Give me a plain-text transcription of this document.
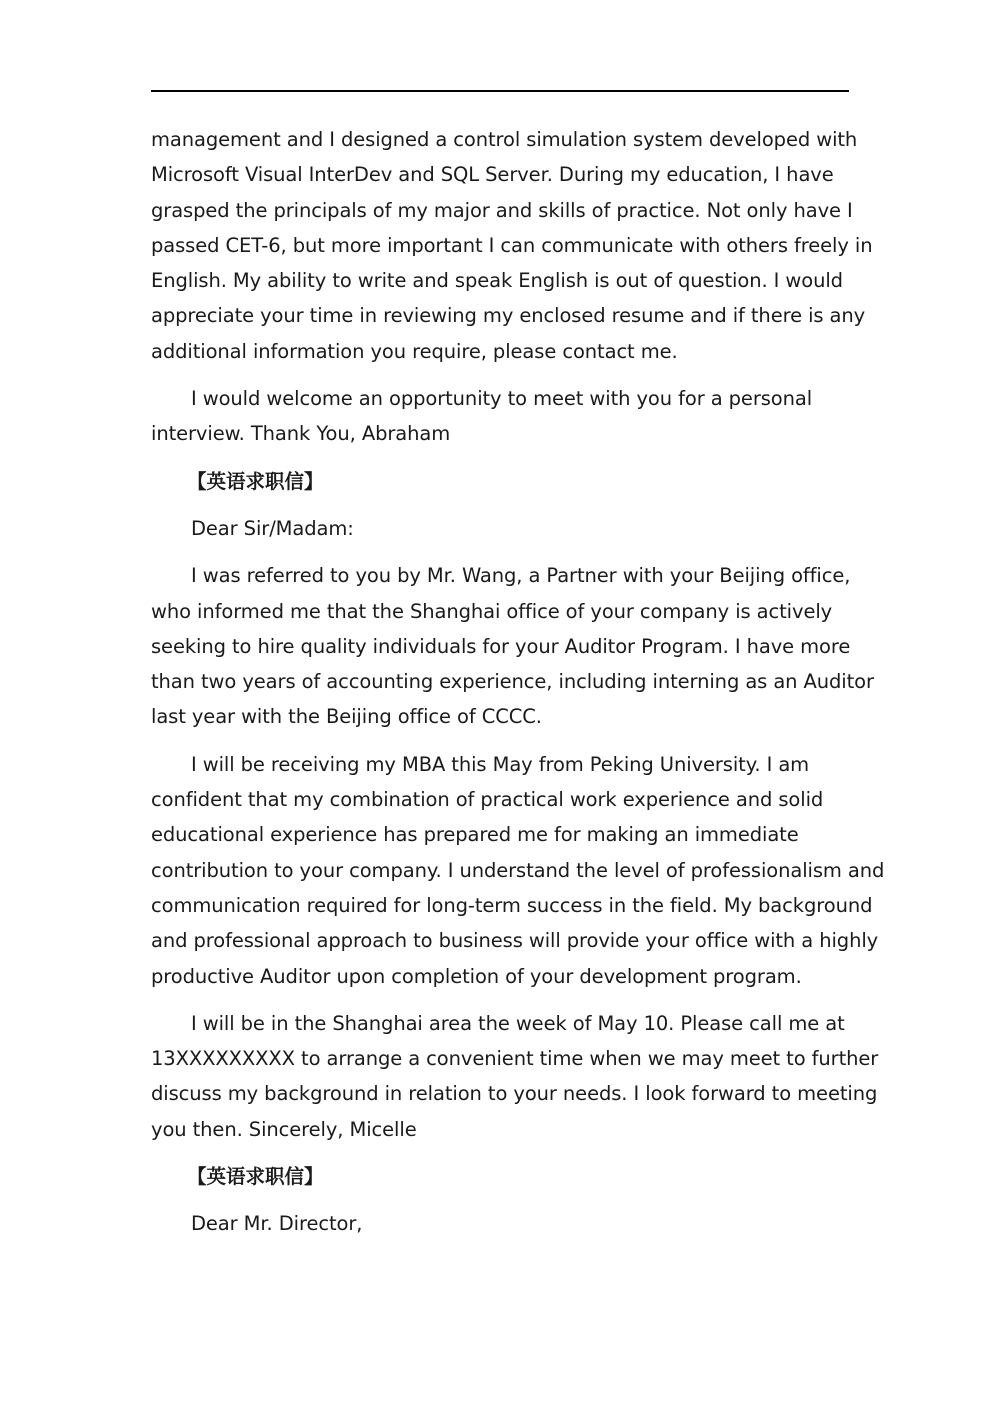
management and I designed a control simulation system developed with
Microsoft Visual InterDev and SQL Server. During my education, I have
grasped the principals of my major and skills of practice. Not only have I
passed CET-6, but more important I can communicate with others freely in
English. My ability to write and speak English is out of question. I would
appreciate your time in reviewing my enclosed resume and if there is any
additional information you require, please contact me.

I would welcome an opportunity to meet with you for a personal
interview. Thank You, Abraham

【英语求职信】

Dear Sir/Madam:

I was referred to you by Mr. Wang, a Partner with your Beijing office,
who informed me that the Shanghai office of your company is actively
seeking to hire quality individuals for your Auditor Program. I have more
than two years of accounting experience, including interning as an Auditor
last year with the Beijing office of CCCC.

I will be receiving my MBA this May from Peking University. I am
confident that my combination of practical work experience and solid
educational experience has prepared me for making an immediate
contribution to your company. I understand the level of professionalism and
communication required for long-term success in the field. My background
and professional approach to business will provide your office with a highly
productive Auditor upon completion of your development program.

I will be in the Shanghai area the week of May 10. Please call me at
13XXXXXXXXX to arrange a convenient time when we may meet to further
discuss my background in relation to your needs. I look forward to meeting
you then. Sincerely, Micelle

【英语求职信】

Dear Mr. Director,
